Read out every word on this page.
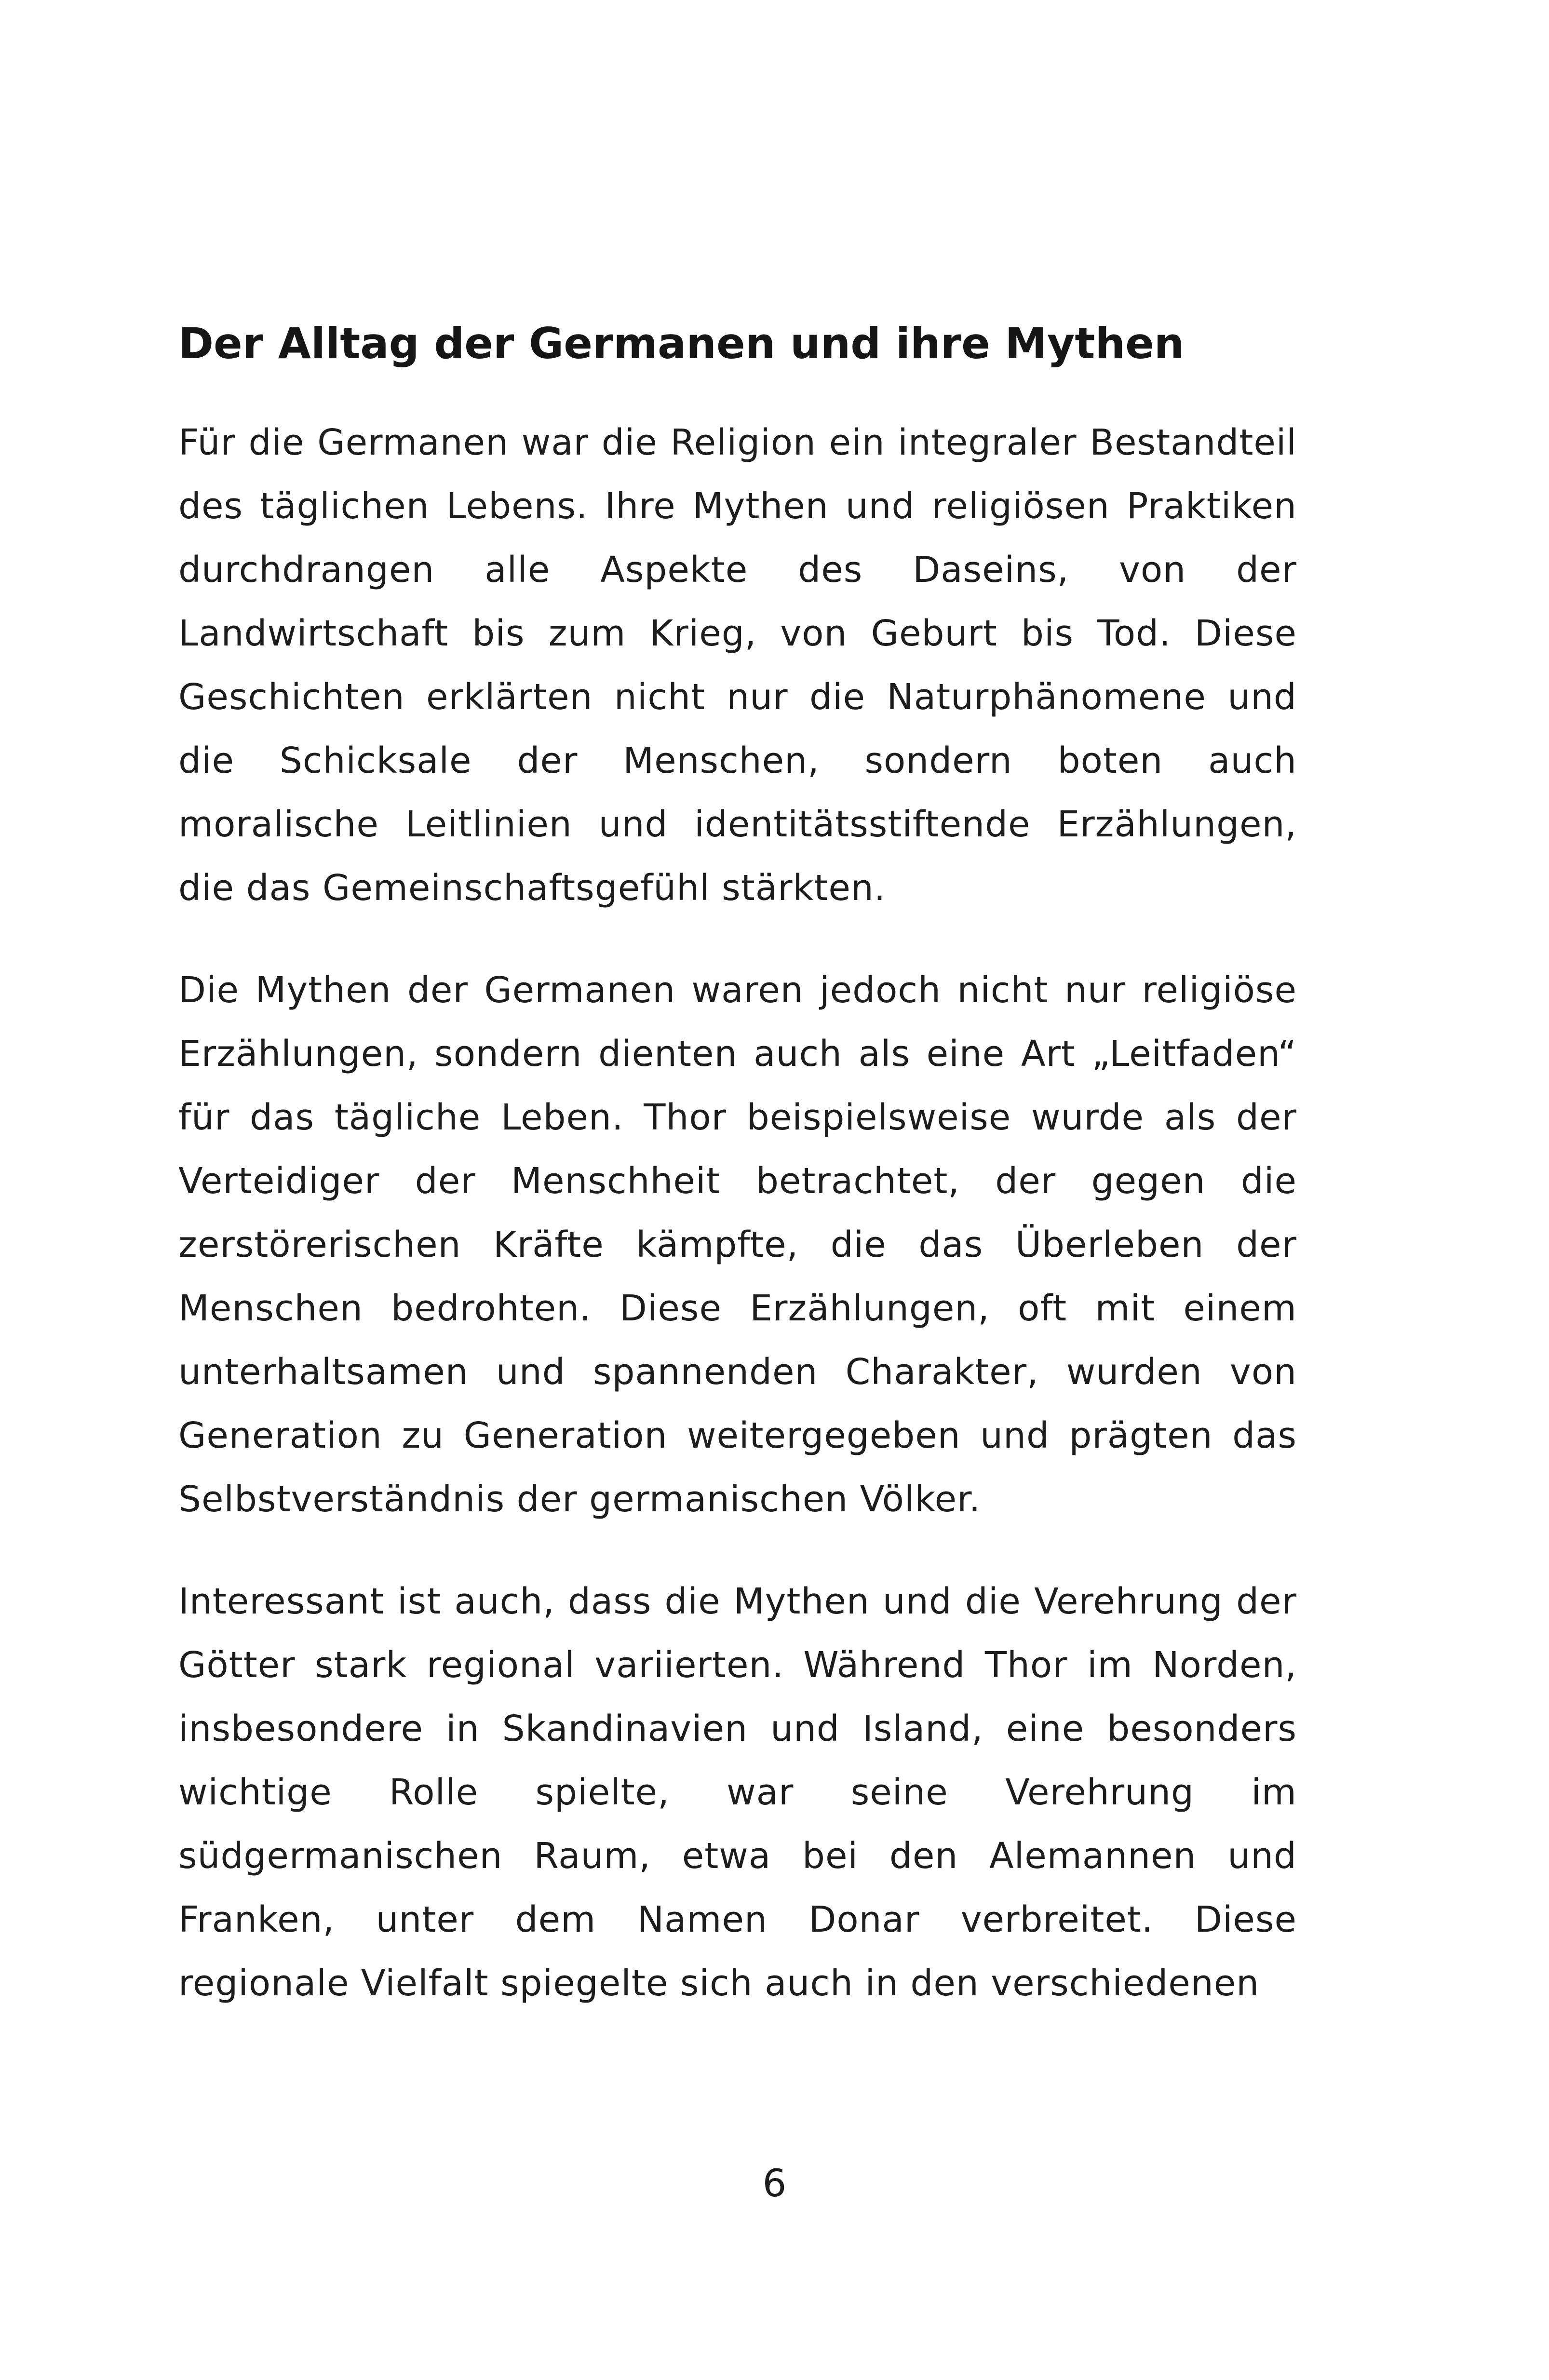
Der Alltag der Germanen und ihre Mythen

Für die Germanen war die Religion ein integraler Bestandteil des täglichen Lebens. Ihre Mythen und religiösen Praktiken durchdrangen alle Aspekte des Daseins, von der Landwirtschaft bis zum Krieg, von Geburt bis Tod. Diese Geschichten erklärten nicht nur die Naturphänomene und die Schicksale der Menschen, sondern boten auch moralische Leitlinien und identitätsstiftende Erzählungen, die das Gemeinschaftsgefühl stärkten.

Die Mythen der Germanen waren jedoch nicht nur religiöse Erzählungen, sondern dienten auch als eine Art „Leitfaden“ für das tägliche Leben. Thor beispielsweise wurde als der Verteidiger der Menschheit betrachtet, der gegen die zerstörerischen Kräfte kämpfte, die das Überleben der Menschen bedrohten. Diese Erzählungen, oft mit einem unterhaltsamen und spannenden Charakter, wurden von Generation zu Generation weitergegeben und prägten das Selbstverständnis der germanischen Völker.

Interessant ist auch, dass die Mythen und die Verehrung der Götter stark regional variierten. Während Thor im Norden, insbesondere in Skandinavien und Island, eine besonders wichtige Rolle spielte, war seine Verehrung im südgermanischen Raum, etwa bei den Alemannen und Franken, unter dem Namen Donar verbreitet. Diese regionale Vielfalt spiegelte sich auch in den verschiedenen

6
